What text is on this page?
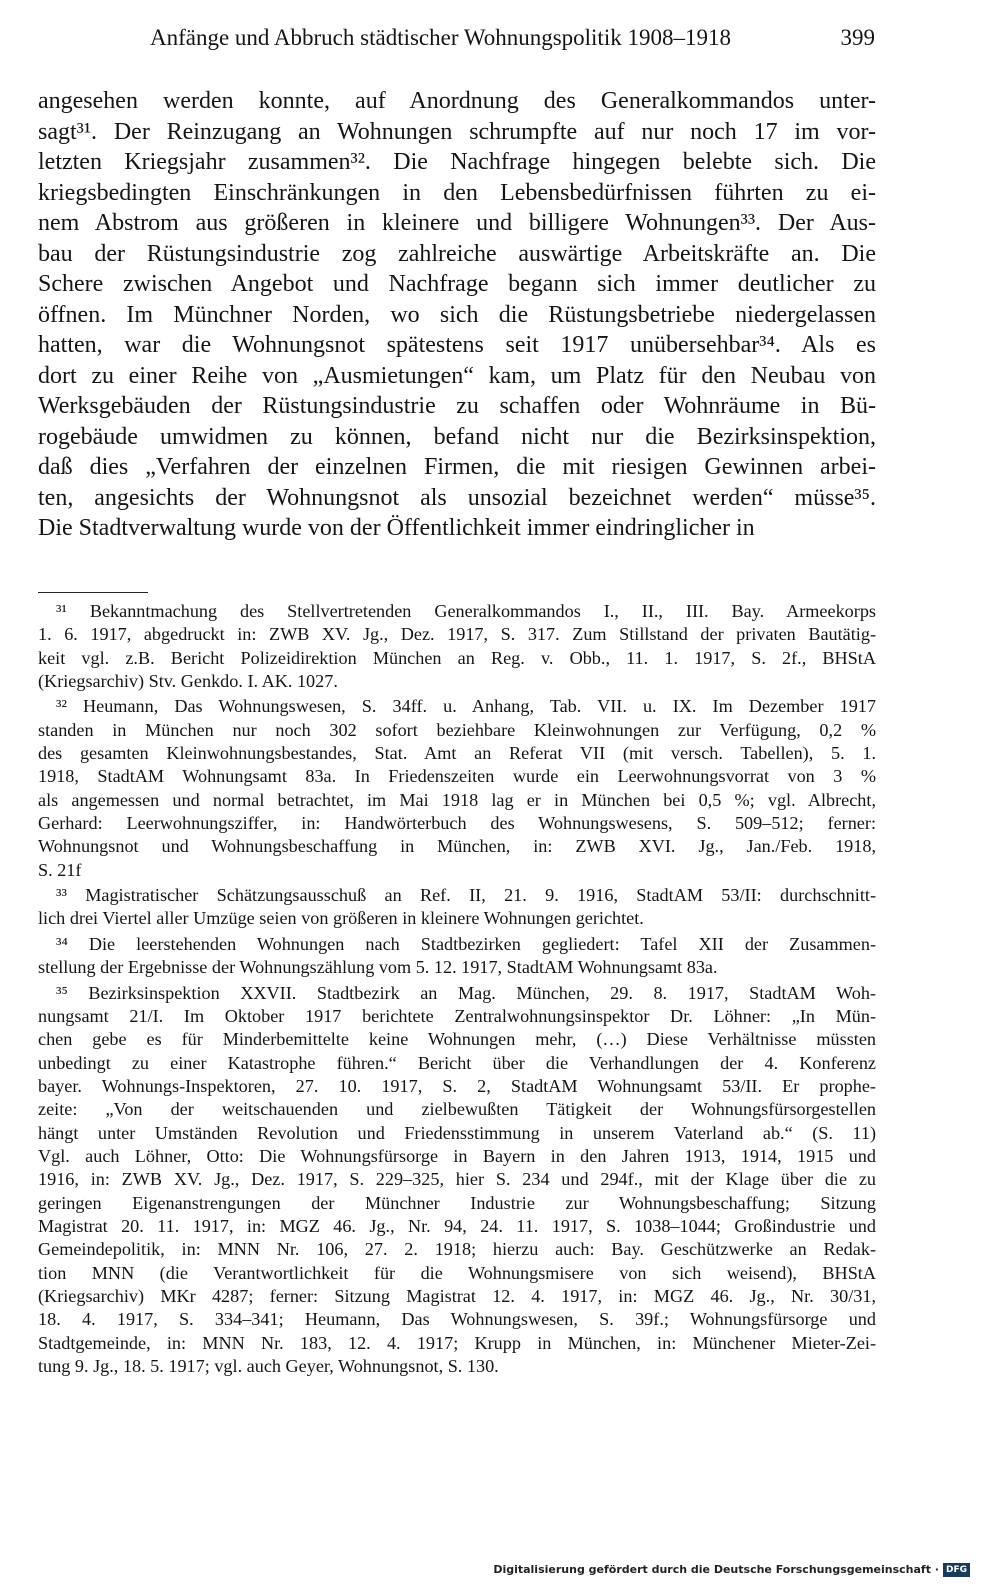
Anfänge und Abbruch städtischer Wohnungspolitik 1908–1918	399
angesehen werden konnte, auf Anordnung des Generalkommandos unter-
sagt³¹. Der Reinzugang an Wohnungen schrumpfte auf nur noch 17 im vor-
letzten Kriegsjahr zusammen³². Die Nachfrage hingegen belebte sich. Die
kriegsbedingten Einschränkungen in den Lebensbedürfnissen führten zu ei-
nem Abstrom aus größeren in kleinere und billigere Wohnungen³³. Der Aus-
bau der Rüstungsindustrie zog zahlreiche auswärtige Arbeitskräfte an. Die
Schere zwischen Angebot und Nachfrage begann sich immer deutlicher zu
öffnen. Im Münchner Norden, wo sich die Rüstungsbetriebe niedergelassen
hatten, war die Wohnungsnot spätestens seit 1917 unübersehbar³⁴. Als es
dort zu einer Reihe von „Ausmietungen“ kam, um Platz für den Neubau von
Werksgebäuden der Rüstungsindustrie zu schaffen oder Wohnräume in Bü-
rogebäude umwidmen zu können, befand nicht nur die Bezirksinspektion,
daß dies „Verfahren der einzelnen Firmen, die mit riesigen Gewinnen arbei-
ten, angesichts der Wohnungsnot als unsozial bezeichnet werden“ müsse³⁵.
Die Stadtverwaltung wurde von der Öffentlichkeit immer eindringlicher in
³¹ Bekanntmachung des Stellvertretenden Generalkommandos I., II., III. Bay. Armeekorps
1. 6. 1917, abgedruckt in: ZWB XV. Jg., Dez. 1917, S. 317. Zum Stillstand der privaten Bautätig-
keit vgl. z.B. Bericht Polizeidirektion München an Reg. v. Obb., 11. 1. 1917, S. 2f., BHStA
(Kriegsarchiv) Stv. Genkdo. I. AK. 1027.
³² Heumann, Das Wohnungswesen, S. 34ff. u. Anhang, Tab. VII. u. IX. Im Dezember 1917
standen in München nur noch 302 sofort beziehbare Kleinwohnungen zur Verfügung, 0,2 %
des gesamten Kleinwohnungsbestandes, Stat. Amt an Referat VII (mit versch. Tabellen), 5. 1.
1918, StadtAM Wohnungsamt 83a. In Friedenszeiten wurde ein Leerwohnungsvorrat von 3 %
als angemessen und normal betrachtet, im Mai 1918 lag er in München bei 0,5 %; vgl. Albrecht,
Gerhard: Leerwohnungsziffer, in: Handwörterbuch des Wohnungswesens, S. 509–512; ferner:
Wohnungsnot und Wohnungsbeschaffung in München, in: ZWB XVI. Jg., Jan./Feb. 1918,
S. 21f
³³ Magistratischer Schätzungsausschuß an Ref. II, 21. 9. 1916, StadtAM 53/II: durchschnitt-
lich drei Viertel aller Umzüge seien von größeren in kleinere Wohnungen gerichtet.
³⁴ Die leerstehenden Wohnungen nach Stadtbezirken gegliedert: Tafel XII der Zusammen-
stellung der Ergebnisse der Wohnungszählung vom 5. 12. 1917, StadtAM Wohnungsamt 83a.
³⁵ Bezirksinspektion XXVII. Stadtbezirk an Mag. München, 29. 8. 1917, StadtAM Woh-
nungsamt 21/I. Im Oktober 1917 berichtete Zentralwohnungsinspektor Dr. Löhner: „In Mün-
chen gebe es für Minderbemittelte keine Wohnungen mehr, (…) Diese Verhältnisse müssten
unbedingt zu einer Katastrophe führen.“ Bericht über die Verhandlungen der 4. Konferenz
bayer. Wohnungs-Inspektoren, 27. 10. 1917, S. 2, StadtAM Wohnungsamt 53/II. Er prophe-
zeite: „Von der weitschauenden und zielbewußten Tätigkeit der Wohnungsfürsorgestellen
hängt unter Umständen Revolution und Friedensstimmung in unserem Vaterland ab.“ (S. 11)
Vgl. auch Löhner, Otto: Die Wohnungsfürsorge in Bayern in den Jahren 1913, 1914, 1915 und
1916, in: ZWB XV. Jg., Dez. 1917, S. 229–325, hier S. 234 und 294f., mit der Klage über die zu
geringen Eigenanstrengungen der Münchner Industrie zur Wohnungsbeschaffung; Sitzung
Magistrat 20. 11. 1917, in: MGZ 46. Jg., Nr. 94, 24. 11. 1917, S. 1038–1044; Großindustrie und
Gemeindepolitik, in: MNN Nr. 106, 27. 2. 1918; hierzu auch: Bay. Geschützwerke an Redak-
tion MNN (die Verantwortlichkeit für die Wohnungsmisere von sich weisend), BHStA
(Kriegsarchiv) MKr 4287; ferner: Sitzung Magistrat 12. 4. 1917, in: MGZ 46. Jg., Nr. 30/31,
18. 4. 1917, S. 334–341; Heumann, Das Wohnungswesen, S. 39f.; Wohnungsfürsorge und
Stadtgemeinde, in: MNN Nr. 183, 12. 4. 1917; Krupp in München, in: Münchener Mieter-Zei-
tung 9. Jg., 18. 5. 1917; vgl. auch Geyer, Wohnungsnot, S. 130.
Digitalisierung gefördert durch die Deutsche Forschungsgemeinschaft · DFG
